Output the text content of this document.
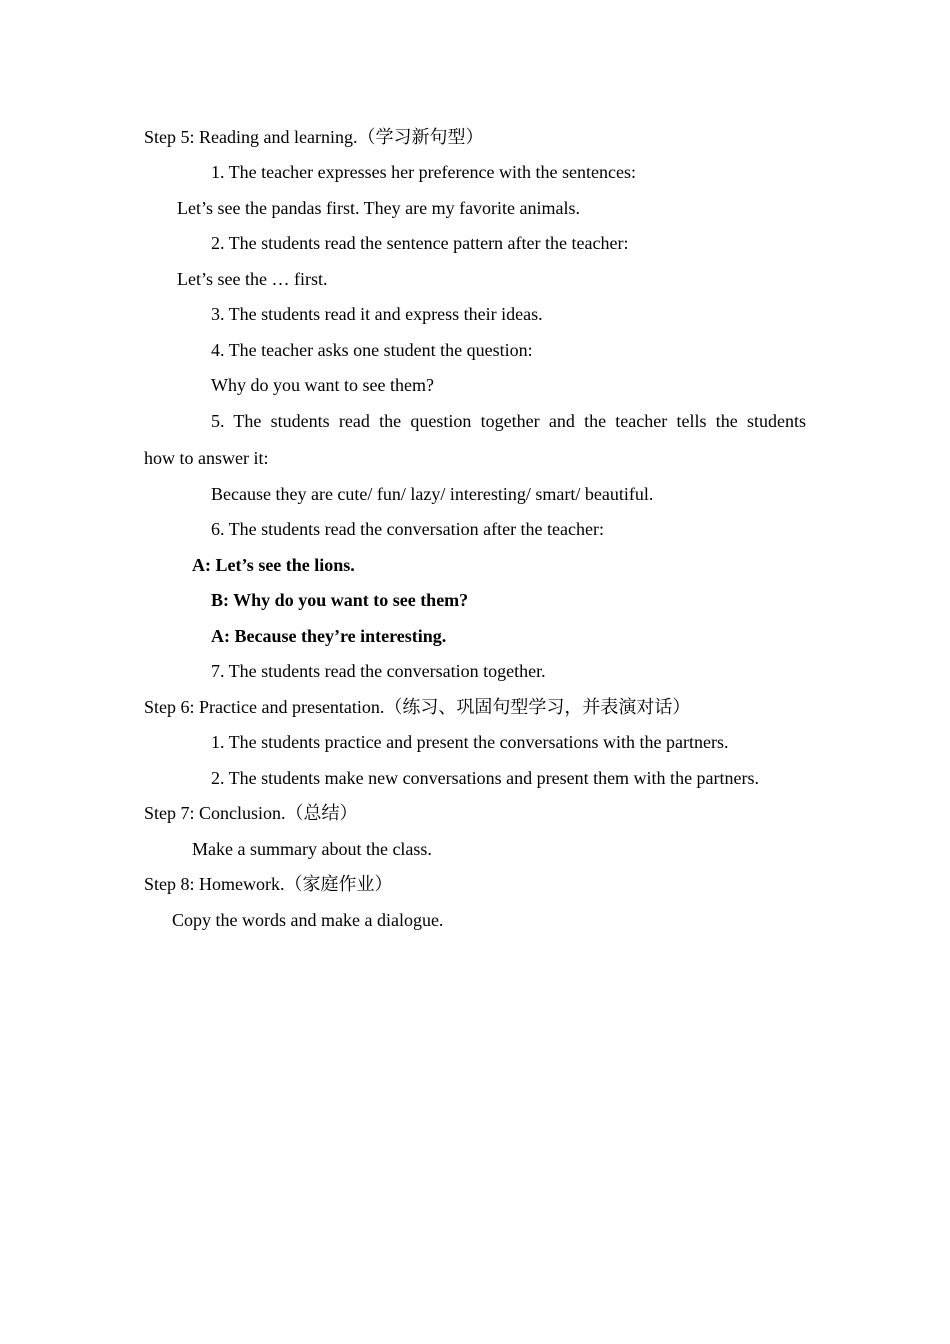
Step 5: Reading and learning.（学习新句型）
1. The teacher expresses her preference with the sentences:
Let’s see the pandas first. They are my favorite animals.
2. The students read the sentence pattern after the teacher:
Let’s see the … first.
3. The students read it and express their ideas.
4. The teacher asks one student the question:
Why do you want to see them?
5. The students read the question together and the teacher tells the students
how to answer it:
Because they are cute/ fun/ lazy/ interesting/ smart/ beautiful.
6. The students read the conversation after the teacher:
A: Let’s see the lions.
B: Why do you want to see them?
A: Because they’re interesting.
7. The students read the conversation together.
Step 6: Practice and presentation.（练习、巩固句型学习，并表演对话）
1. The students practice and present the conversations with the partners.
2. The students make new conversations and present them with the partners.
Step 7: Conclusion.（总结）
Make a summary about the class.
Step 8: Homework.（家庭作业）
Copy the words and make a dialogue.
